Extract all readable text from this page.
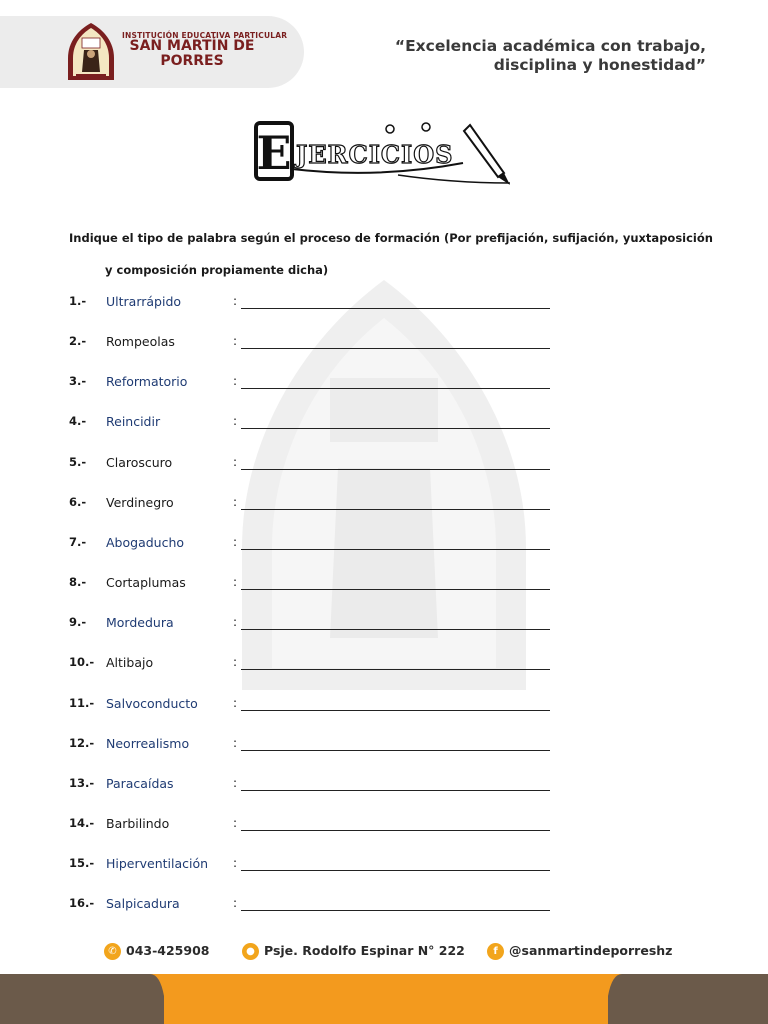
INSTITUCIÓN EDUCATIVA PARTICULAR
SAN MARTÍN DE PORRES
“Excelencia académica con trabajo,
disciplina y honestidad”
E JERCICIOS
Indique el tipo de palabra según el proceso de formación (Por prefijación, sufijación, yuxtaposición
y composición propiamente dicha)
1.- Ultrarrápido	:
2.- Rompeolas	:
3.- Reformatorio	:
4.- Reincidir	:
5.- Claroscuro	:
6.- Verdinegro	:
7.- Abogaducho	:
8.- Cortaplumas	:
9.- Mordedura	:
10.- Altibajo	:
11.- Salvoconducto	:
12.- Neorrealismo	:
13.- Paracaídas	:
14.- Barbilindo	:
15.- Hiperventilación :
16.- Salpicadura	:
✆ 043-425908	● Psje. Rodolfo Espinar N° 222	f @sanmartindeporreshz
